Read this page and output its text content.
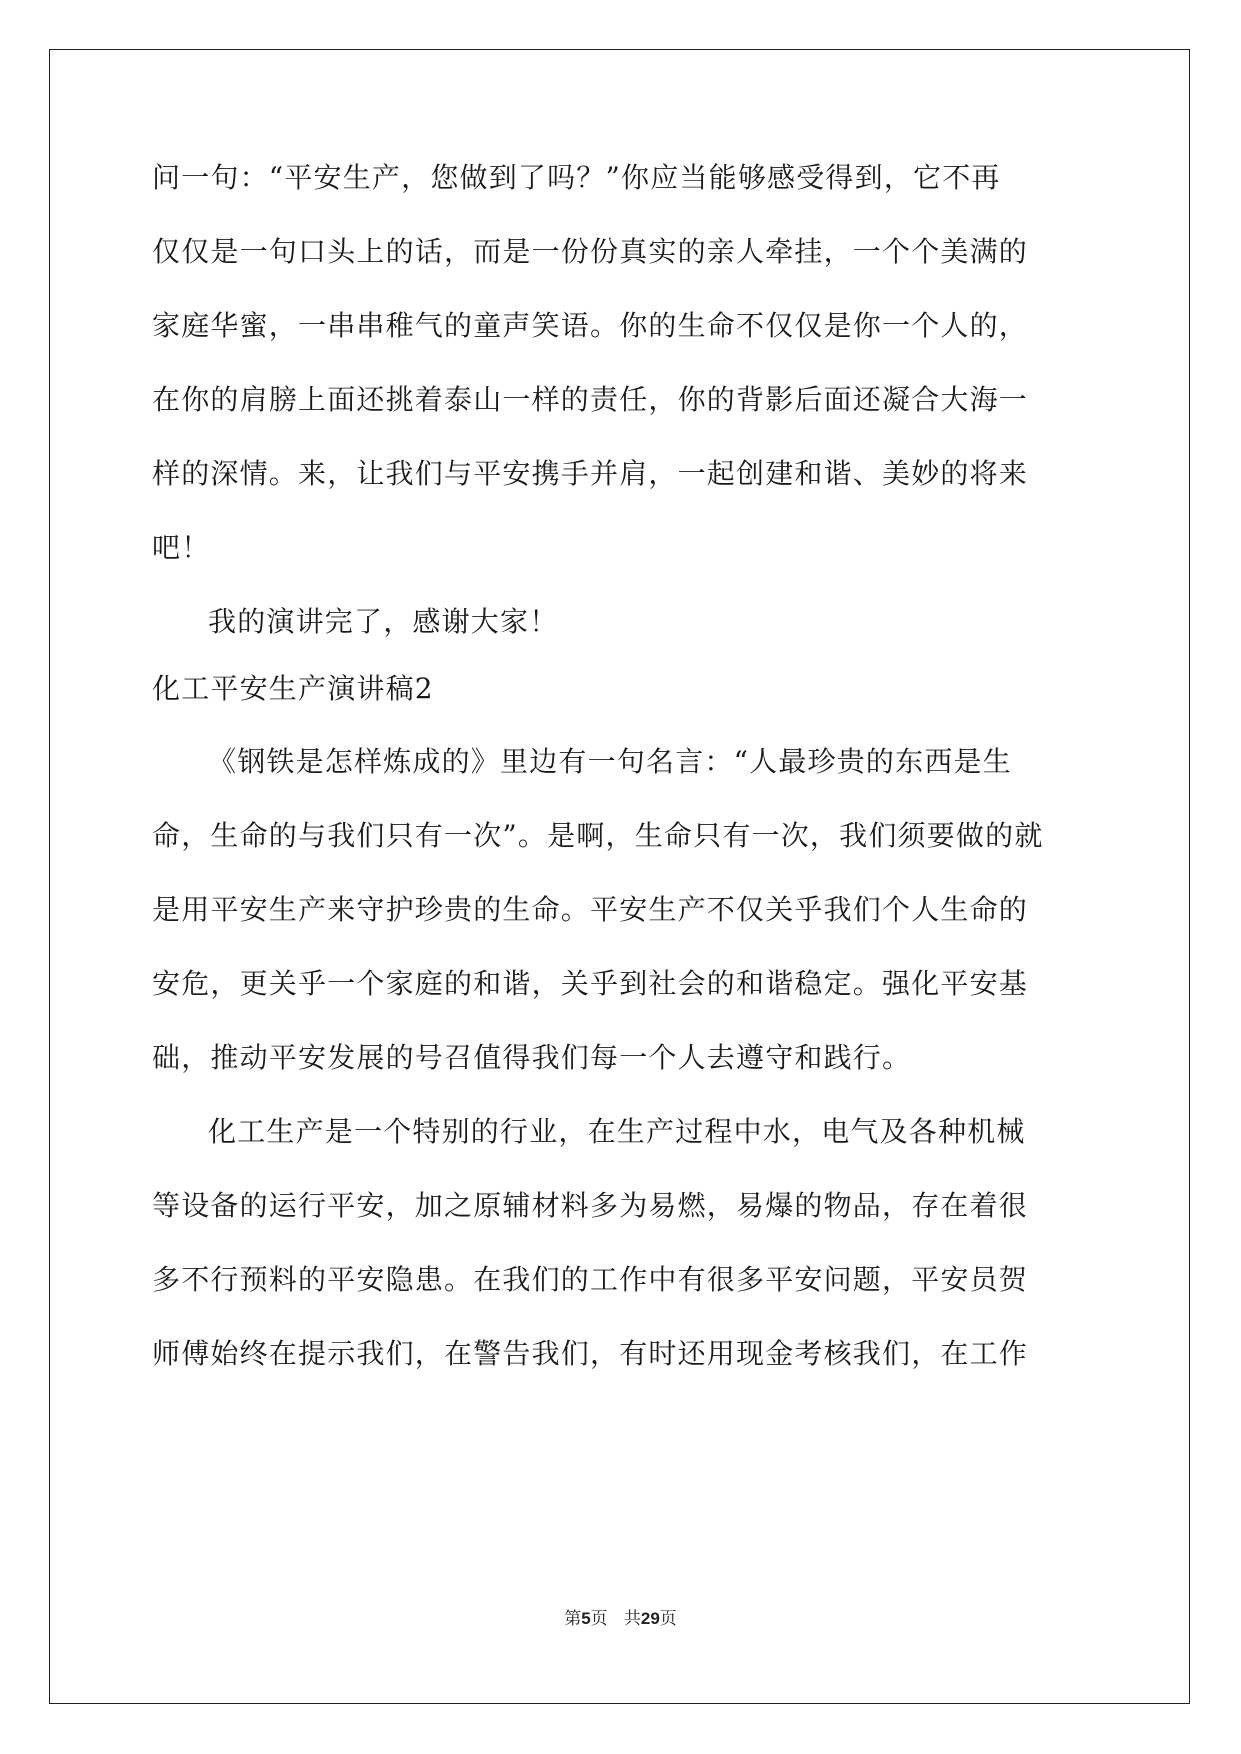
问一句：“平安生产，您做到了吗？”你应当能够感受得到，它不再
仅仅是一句口头上的话，而是一份份真实的亲人牵挂，一个个美满的
家庭华蜜，一串串稚气的童声笑语。你的生命不仅仅是你一个人的，
在你的肩膀上面还挑着泰山一样的责任，你的背影后面还凝合大海一
样的深情。来，让我们与平安携手并肩，一起创建和谐、美妙的将来
吧！
我的演讲完了，感谢大家！
化工平安生产演讲稿2
《钢铁是怎样炼成的》里边有一句名言：“人最珍贵的东西是生
命，生命的与我们只有一次”。是啊，生命只有一次，我们须要做的就
是用平安生产来守护珍贵的生命。平安生产不仅关乎我们个人生命的
安危，更关乎一个家庭的和谐，关乎到社会的和谐稳定。强化平安基
础，推动平安发展的号召值得我们每一个人去遵守和践行。
化工生产是一个特别的行业，在生产过程中水，电气及各种机械
等设备的运行平安，加之原辅材料多为易燃，易爆的物品，存在着很
多不行预料的平安隐患。在我们的工作中有很多平安问题，平安员贺
师傅始终在提示我们，在警告我们，有时还用现金考核我们，在工作
第5页 共29页
